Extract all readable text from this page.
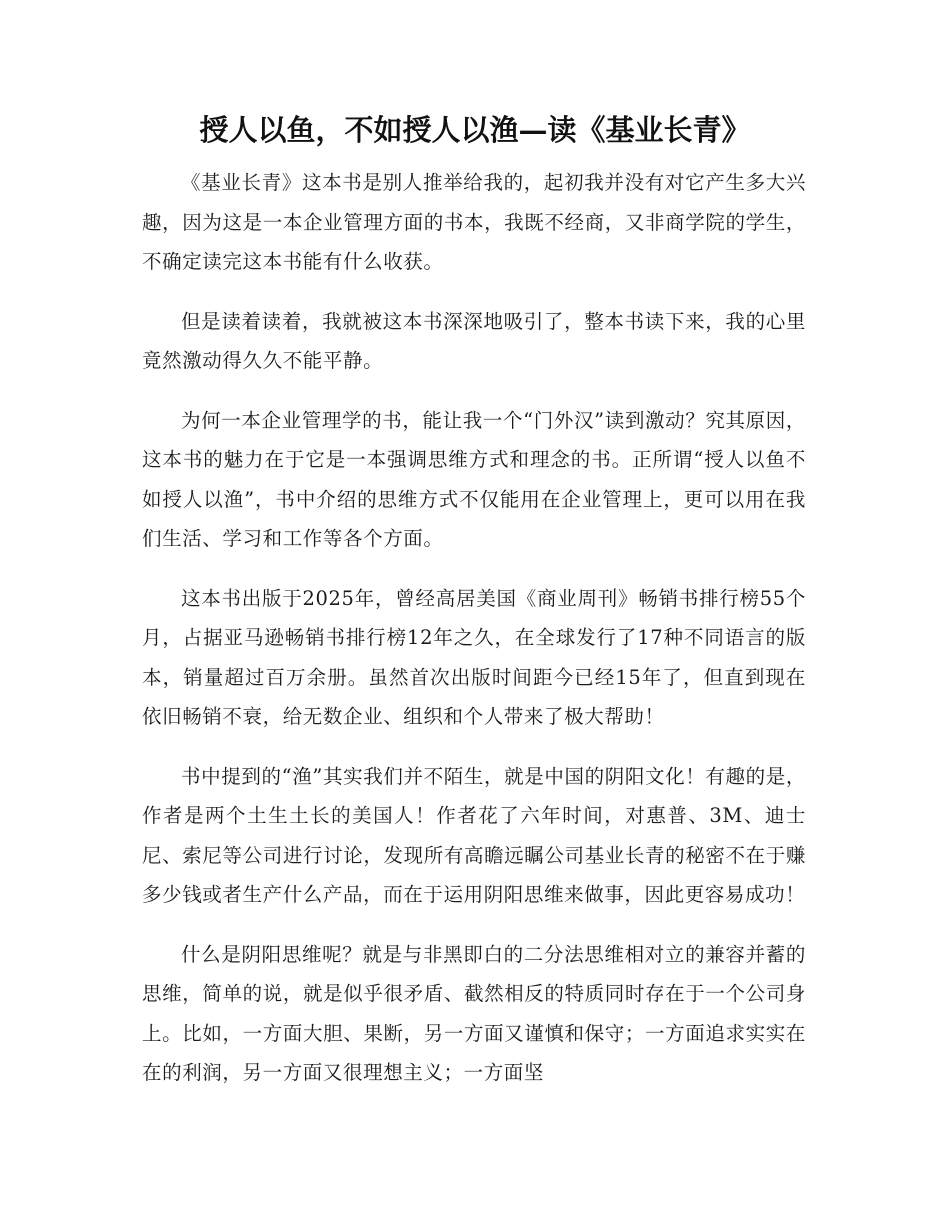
授人以鱼，不如授人以渔—读《基业长青》

《基业长青》这本书是别人推举给我的，起初我并没有对它产生多大兴趣，因为这是一本企业管理方面的书本，我既不经商，又非商学院的学生，不确定读完这本书能有什么收获。

但是读着读着，我就被这本书深深地吸引了，整本书读下来，我的心里竟然激动得久久不能平静。

为何一本企业管理学的书，能让我一个“门外汉”读到激动？究其原因，这本书的魅力在于它是一本强调思维方式和理念的书。正所谓“授人以鱼不如授人以渔”，书中介绍的思维方式不仅能用在企业管理上，更可以用在我们生活、学习和工作等各个方面。

这本书出版于2025年，曾经高居美国《商业周刊》畅销书排行榜55个月，占据亚马逊畅销书排行榜12年之久，在全球发行了17种不同语言的版本，销量超过百万余册。虽然首次出版时间距今已经15年了，但直到现在依旧畅销不衰，给无数企业、组织和个人带来了极大帮助！

书中提到的“渔”其实我们并不陌生，就是中国的阴阳文化！有趣的是，作者是两个土生土长的美国人！作者花了六年时间，对惠普、3M、迪士尼、索尼等公司进行讨论，发现所有高瞻远瞩公司基业长青的秘密不在于赚多少钱或者生产什么产品，而在于运用阴阳思维来做事，因此更容易成功！

什么是阴阳思维呢？就是与非黑即白的二分法思维相对立的兼容并蓄的思维，简单的说，就是似乎很矛盾、截然相反的特质同时存在于一个公司身上。比如，一方面大胆、果断，另一方面又谨慎和保守；一方面追求实实在在的利润，另一方面又很理想主义；一方面坚
